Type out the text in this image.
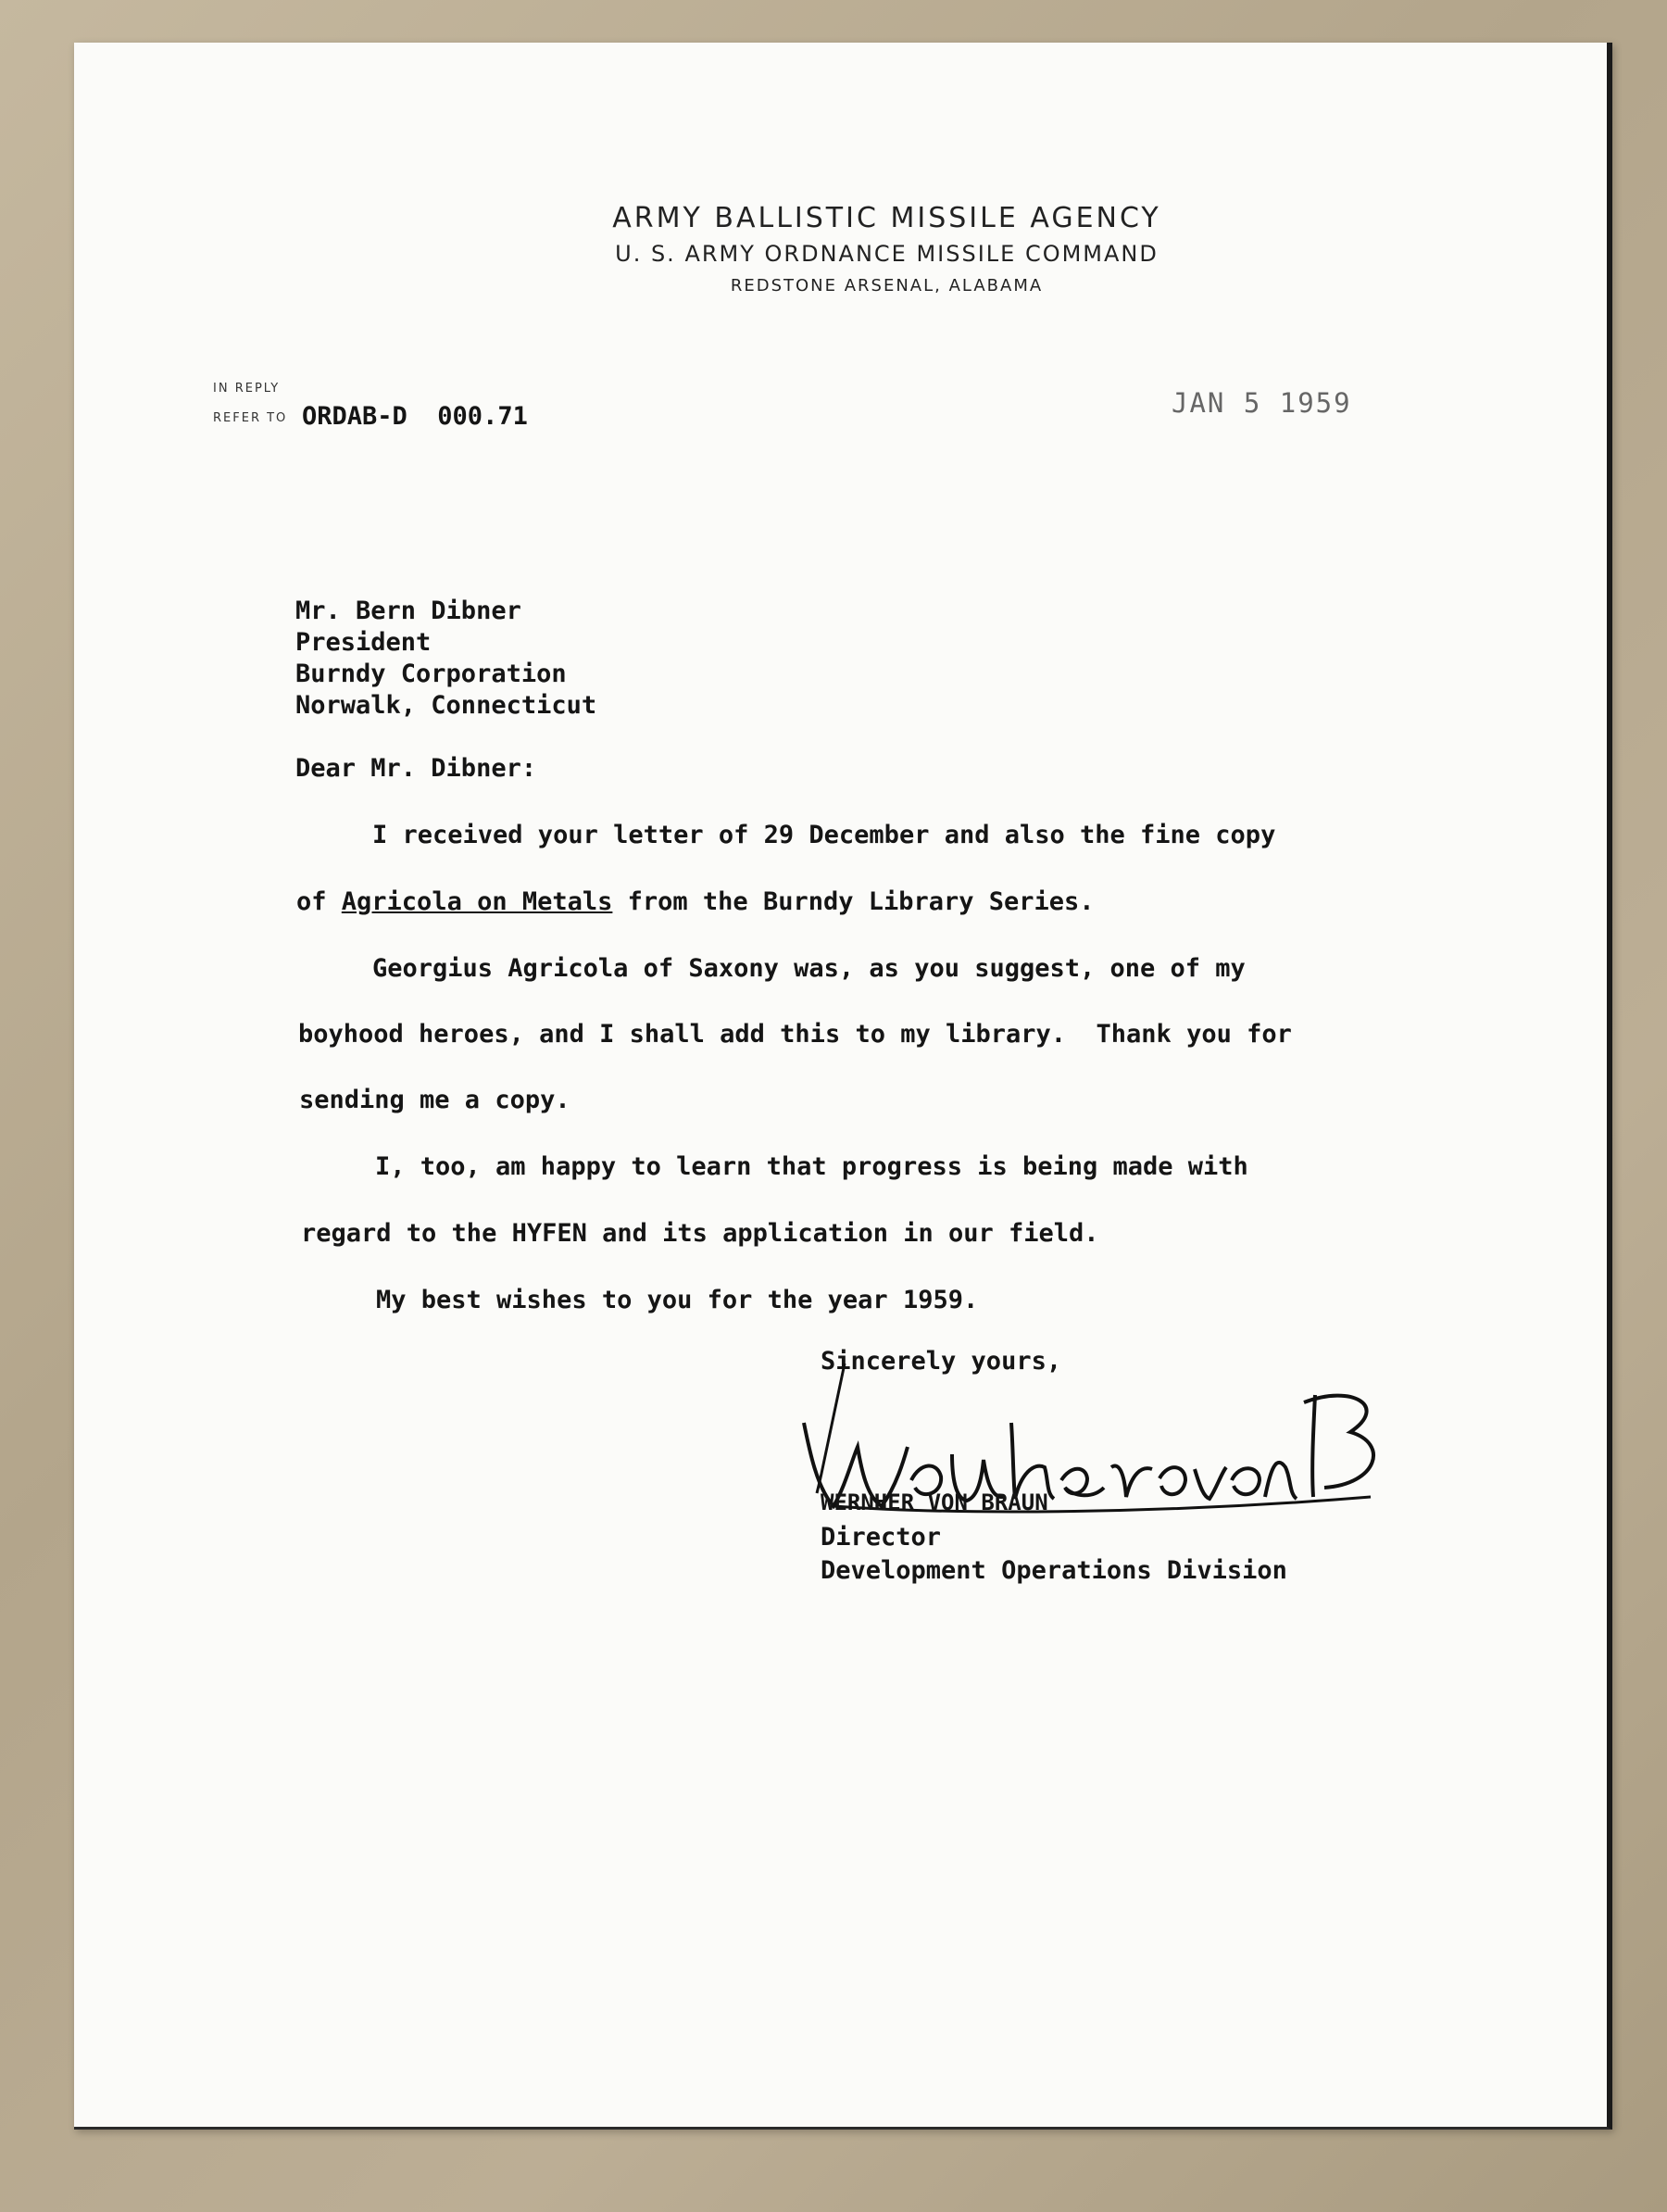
ARMY BALLISTIC MISSILE AGENCY
U. S. ARMY ORDNANCE MISSILE COMMAND
REDSTONE ARSENAL, ALABAMA
IN REPLY
REFER TO ORDAB-D  000.71	JAN 5 1959
Mr. Bern Dibner
President
Burndy Corporation
Norwalk, Connecticut
Dear Mr. Dibner:
I received your letter of 29 December and also the fine copy
of Agricola on Metals from the Burndy Library Series.
Georgius Agricola of Saxony was, as you suggest, one of my
boyhood heroes, and I shall add this to my library.  Thank you for
sending me a copy.
I, too, am happy to learn that progress is being made with
regard to the HYFEN and its application in our field.
My best wishes to you for the year 1959.
Sincerely yours,
WERNHER VON BRAUN
Director
Development Operations Division
